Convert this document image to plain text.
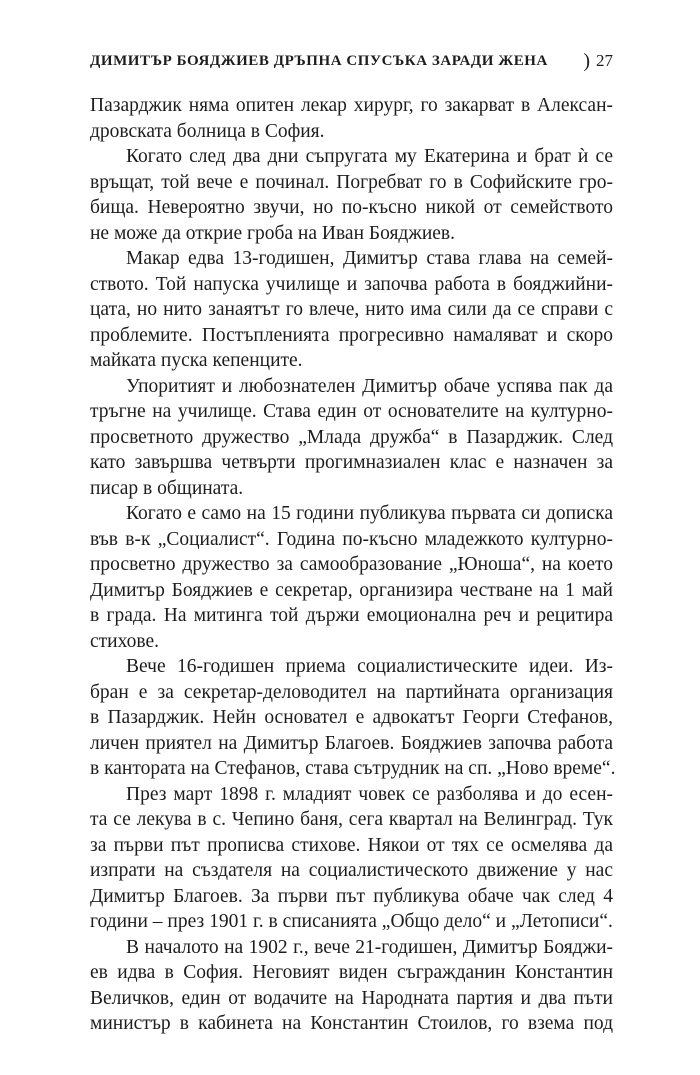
ДИМИТЪР БОЯДЖИЕВ ДРЪПНА СПУСЪКА ЗАРАДИ ЖЕНА ) 27
Пазарджик няма опитен лекар хирург, го закарват в Алексан-
дровската болница в София.
Когато след два дни съпругата му Екатерина и брат ѝ се
връщат, той вече е починал. Погребват го в Софийските гро-
бища. Невероятно звучи, но по-късно никой от семейството
не може да открие гроба на Иван Бояджиев.
Макар едва 13-годишен, Димитър става глава на семей-
ството. Той напуска училище и започва работа в бояджийни-
цата, но нито занаятът го влече, нито има сили да се справи с
проблемите. Постъпленията прогресивно намаляват и скоро
майката пуска кепенците.
Упоритият и любознателен Димитър обаче успява пак да
тръгне на училище. Става един от основателите на културно-
просветното дружество „Млада дружба“ в Пазарджик. След
като завършва четвърти прогимназиален клас е назначен за
писар в общината.
Когато е само на 15 години публикува първата си дописка
във в-к „Социалист“. Година по-късно младежкото културно-
просветно дружество за самообразование „Юноша“, на което
Димитър Бояджиев е секретар, организира честване на 1 май
в града. На митинга той държи емоционална реч и рецитира
стихове.
Вече 16-годишен приема социалистическите идеи. Из-
бран е за секретар-деловодител на партийната организация
в Пазарджик. Нейн основател е адвокатът Георги Стефанов,
личен приятел на Димитър Благоев. Бояджиев започва работа
в кантората на Стефанов, става сътрудник на сп. „Ново време“.
През март 1898 г. младият човек се разболява и до есен-
та се лекува в с. Чепино баня, сега квартал на Велинград. Тук
за първи път прописва стихове. Някои от тях се осмелява да
изпрати на създателя на социалистическото движение у нас
Димитър Благоев. За първи път публикува обаче чак след 4
години – през 1901 г. в списанията „Общо дело“ и „Летописи“.
В началото на 1902 г., вече 21-годишен, Димитър Бояджи-
ев идва в София. Неговият виден съгражданин Константин
Величков, един от водачите на Народната партия и два пъти
министър в кабинета на Константин Стоилов, го взема под
